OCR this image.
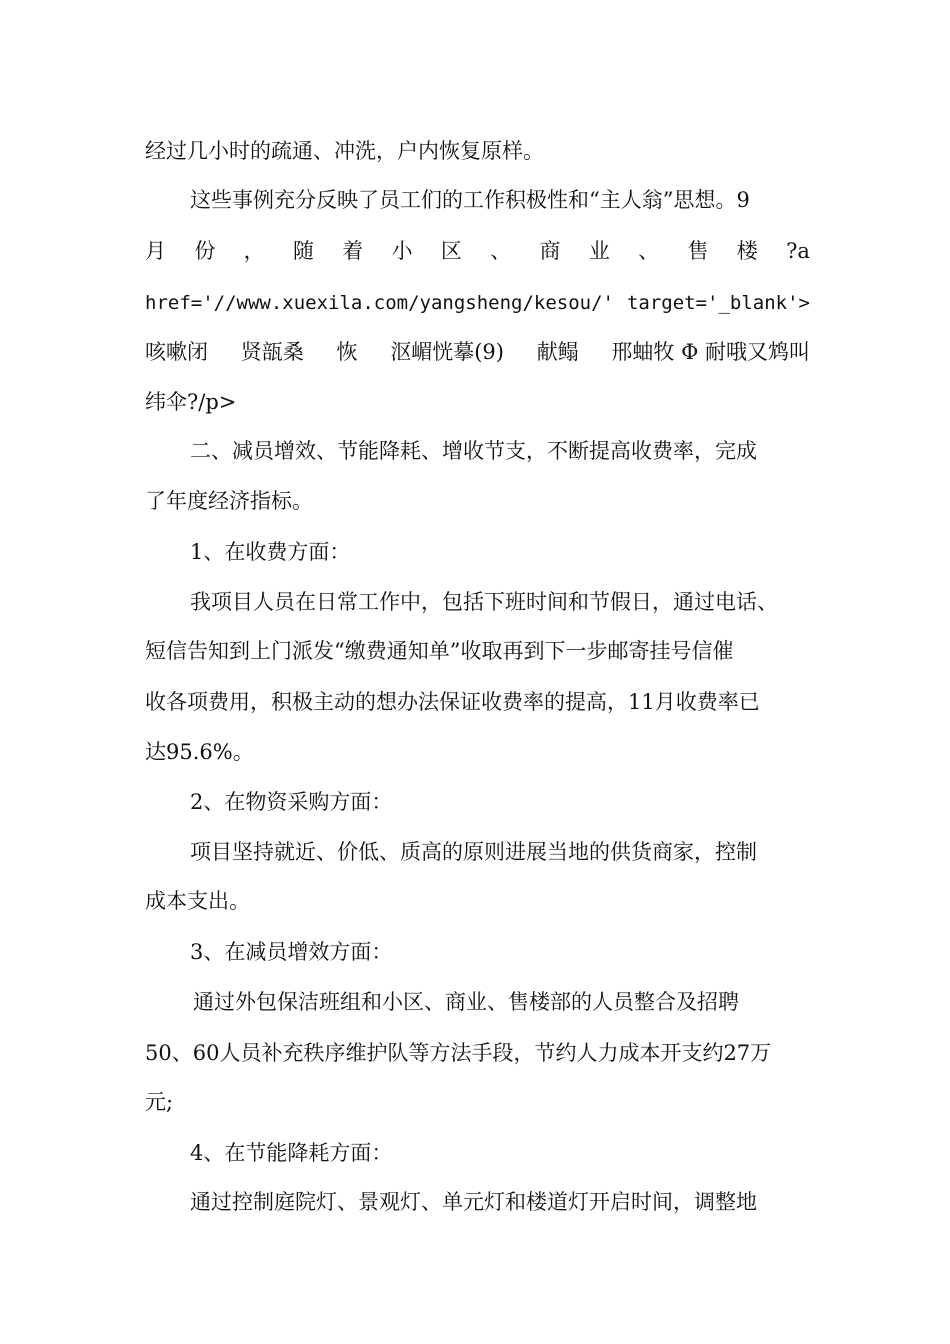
经过几小时的疏通、冲洗，户内恢复原样。
这些事例充分反映了员工们的工作积极性和“主人翁”思想。9
月 份 ， 随 着 小 区 、 商 业 、 售 楼 ?a
href='//www.xuexila.com/yangsheng/kesou/' target='_blank'>
咳嗽闭 贤瓿桑 恢 沤嵋恍摹(9) 献鳎 邢蚰牧 Φ 耐哦又鸩叫
纬伞?/p>
二、减员增效、节能降耗、增收节支，不断提高收费率，完成
了年度经济指标。
1、在收费方面：
我项目人员在日常工作中，包括下班时间和节假日，通过电话、
短信告知到上门派发“缴费通知单”收取再到下一步邮寄挂号信催
收各项费用，积极主动的想办法保证收费率的提高，11月收费率已
达95.6%。
2、在物资采购方面：
项目坚持就近、价低、质高的原则进展当地的供货商家，控制
成本支出。
3、在减员增效方面：
通过外包保洁班组和小区、商业、售楼部的人员整合及招聘
50、60人员补充秩序维护队等方法手段，节约人力成本开支约27万
元;
4、在节能降耗方面：
通过控制庭院灯、景观灯、单元灯和楼道灯开启时间，调整地
